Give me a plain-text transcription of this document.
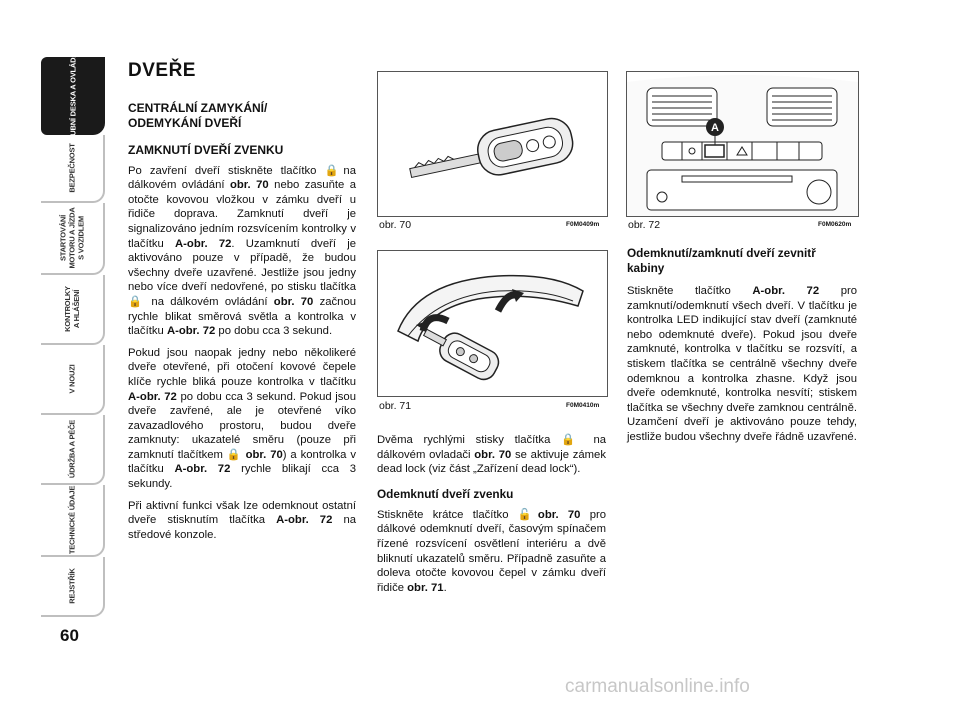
PALUBNÍ DESKA A OVLÁDAČE
BEZPEČNOST
STARTOVÁNÍ MOTORU A JÍZDA S VOZIDLEM
KONTROLKY A HLÁŠENÍ
V NOUZI
ÚDRŽBA A PÉČE
TECHNICKÉ ÚDAJE
REJSTŘÍK
60
DVEŘE
CENTRÁLNÍ ZAMYKÁNÍ/ ODEMYKÁNÍ DVEŘÍ
ZAMKNUTÍ DVEŘÍ ZVENKU

Po zavření dveří stiskněte tlačítko 🔒na dálkovém ovládání obr. 70 nebo zasuňte a otočte kovovou vložkou v zámku dveří u řidiče doprava. Zamknutí dveří je signalizováno jedním rozsvícením kontrolky v tlačítku A-obr. 72. Uzamknutí dveří je aktivováno pouze v případě, že budou všechny dveře uzavřené. Jestliže jsou jedny nebo více dveří nedovřené, po stisku tlačítka 🔒 na dálkovém ovládání obr. 70 začnou rychle blikat směrová světla a kontrolka v tlačítku A-obr. 72 po dobu cca 3 sekund.

Pokud jsou naopak jedny nebo několikeré dveře otevřené, při otočení kovové čepele klíče rychle bliká pouze kontrolka v tlačítku A-obr. 72 po dobu cca 3 sekund. Pokud jsou dveře zavřené, ale je otevřené víko zavazadlového prostoru, budou dveře zamknuty: ukazatelé směru (pouze při zamknutí tlačítkem 🔒 obr. 70) a kontrolka v tlačítku A-obr. 72 rychle blikají cca 3 sekundy.

Při aktivní funkci však lze odemknout ostatní dveře stisknutím tlačítka A-obr. 72 na středové konzole.

obr. 70	F0M0409m
obr. 71	F0M0410m

Dvěma rychlými stisky tlačítka 🔒 na dálkovém ovladači obr. 70 se aktivuje zámek dead lock (viz část „Zařízení dead lock“).

Odemknutí dveří zvenku

Stiskněte krátce tlačítko 🔓obr. 70 pro dálkové odemknutí dveří, časovým spínačem řízené rozsvícení osvětlení interiéru a dvě bliknutí ukazatelů směru. Případně zasuňte a doleva otočte kovovou čepel v zámku dveří řidiče obr. 71.

A
obr. 72	F0M0620m
Odemknutí/zamknutí dveří zevnitř kabiny

Stiskněte tlačítko A-obr. 72 pro zamknutí/odemknutí všech dveří. V tlačítku je kontrolka LED indikující stav dveří (zamknuté nebo odemknuté dveře). Pokud jsou dveře zamknuté, kontrolka v tlačítku se rozsvítí, a stiskem tlačítka se centrálně všechny dveře odemknou a kontrolka zhasne. Když jsou dveře odemknuté, kontrolka nesvítí; stiskem tlačítka se všechny dveře zamknou centrálně. Uzamčení dveří je aktivováno pouze tehdy, jestliže budou všechny dveře řádně uzavřené.

carmanualsonline.info
